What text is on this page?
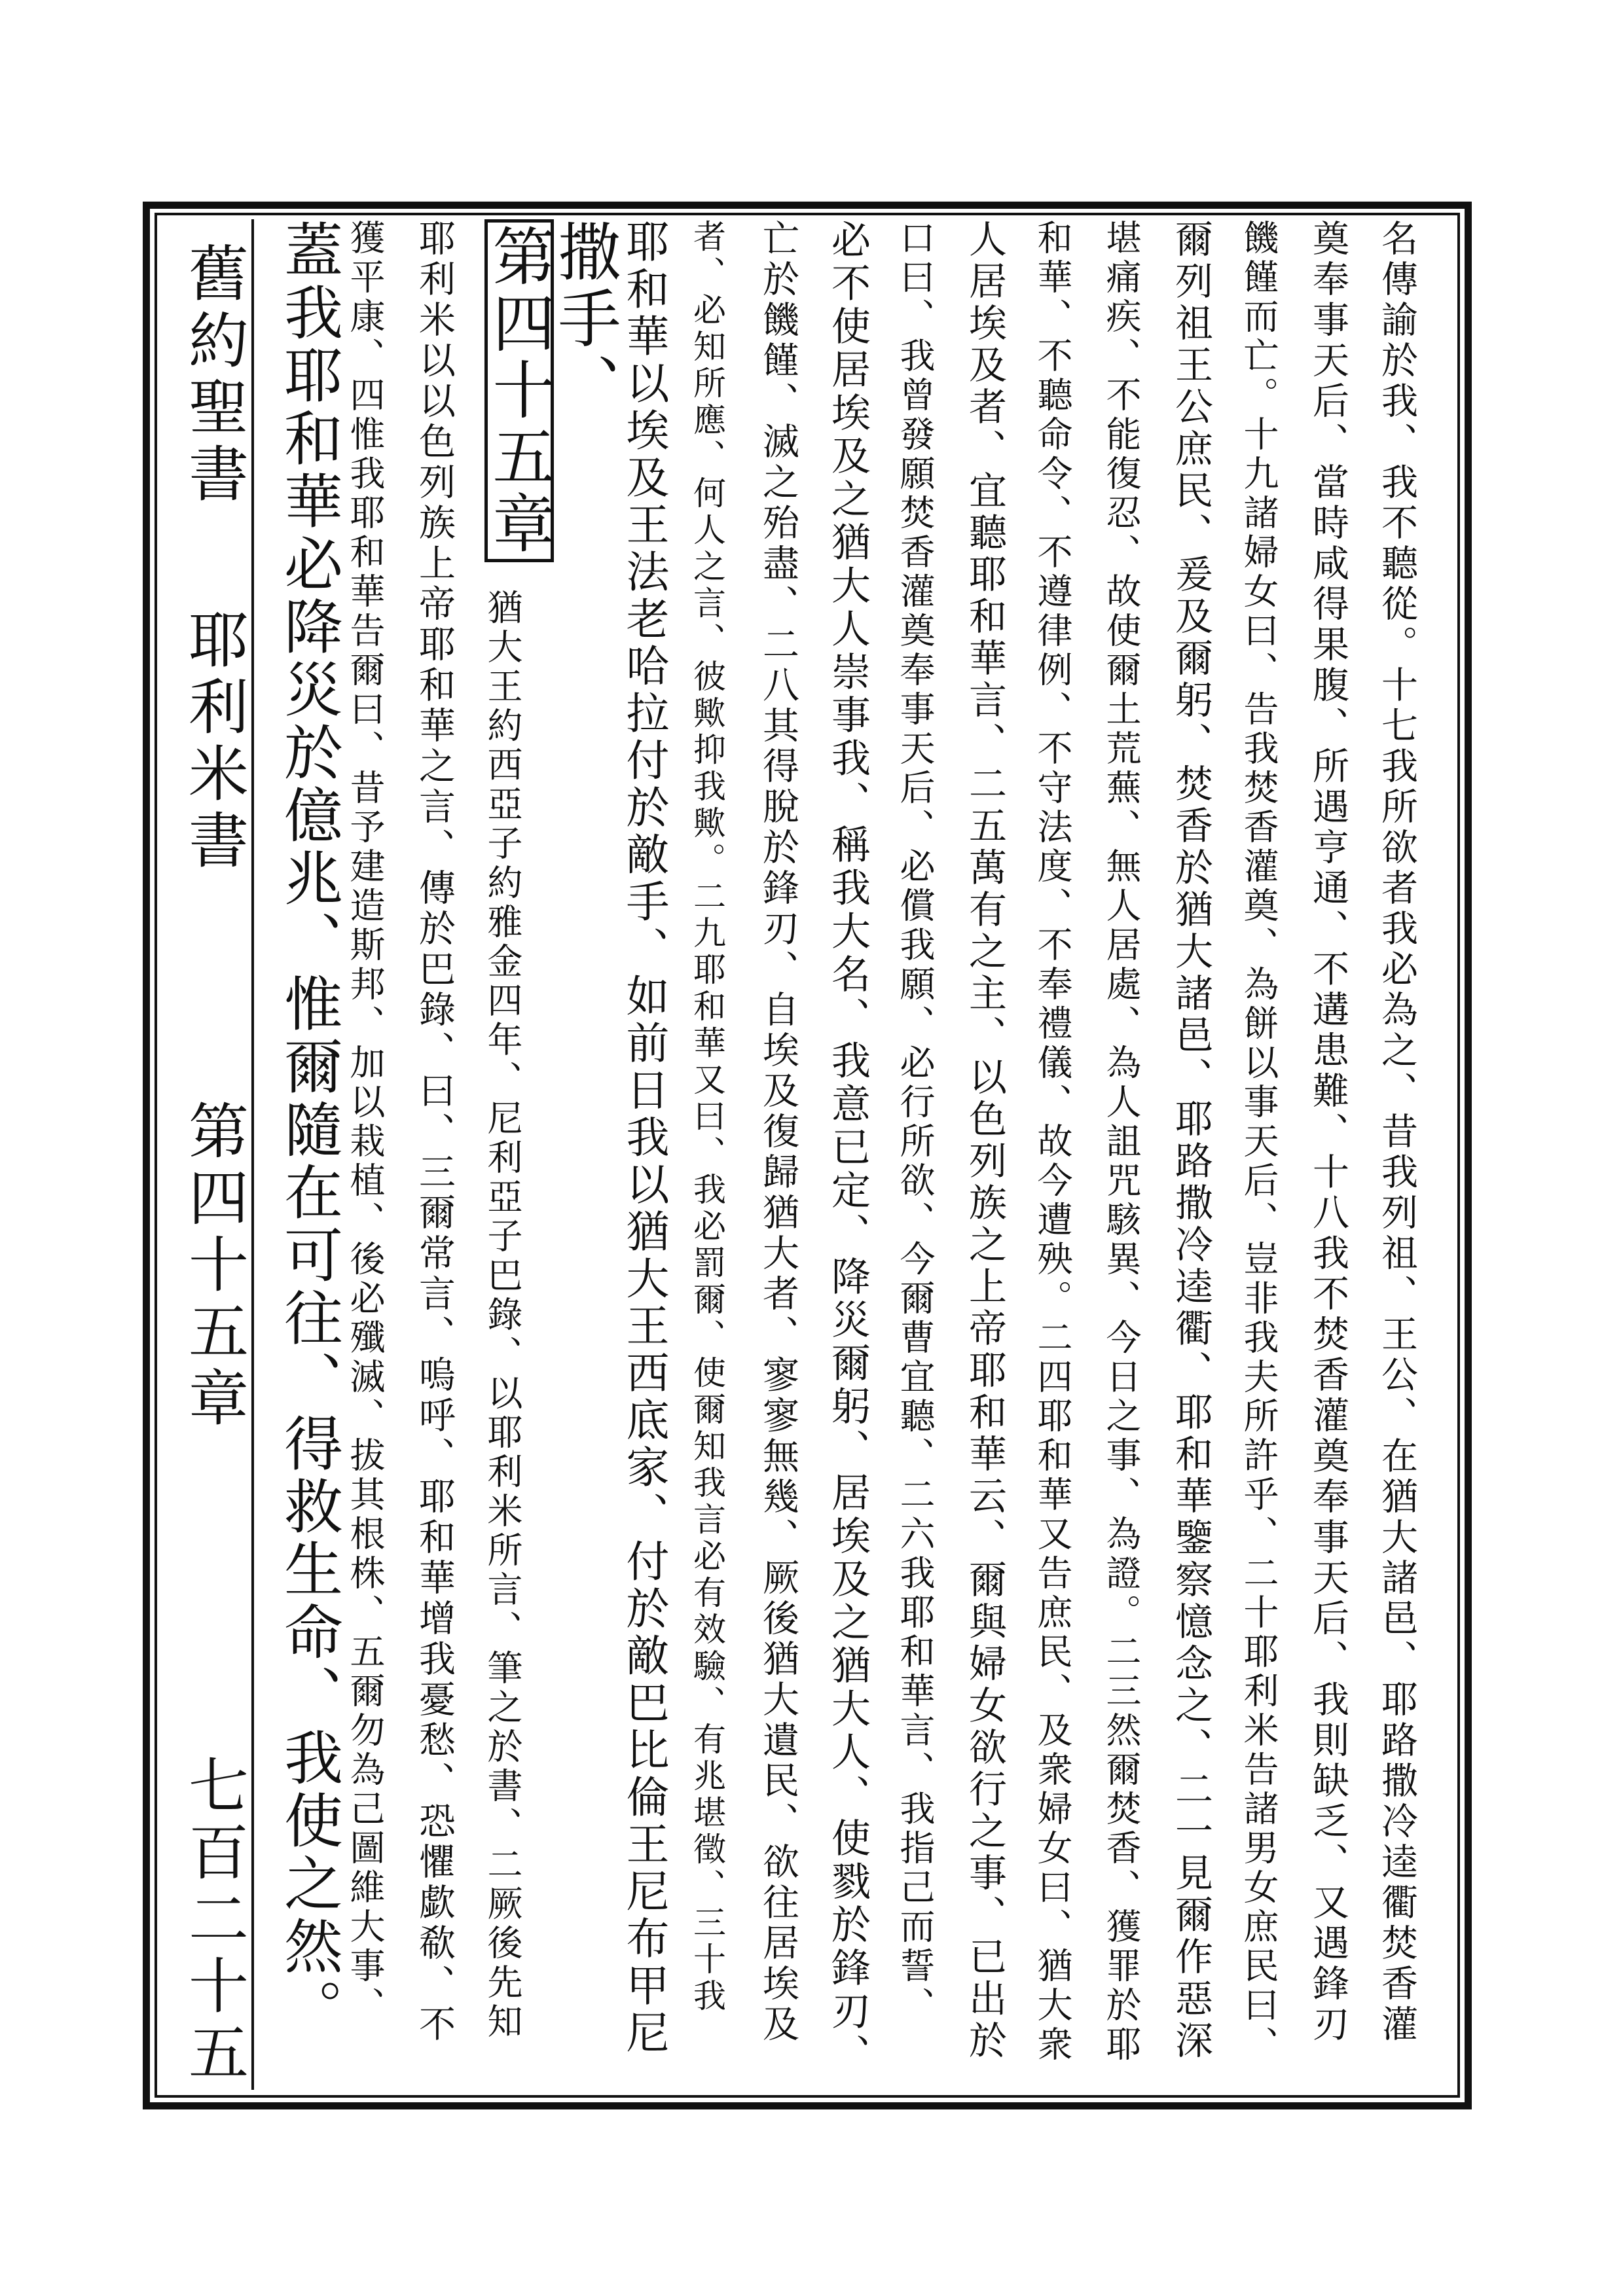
舊約聖書
耶利米書
第四十五章
七百二十五	名傳諭於我、我不聽從。十七我所欲者我必為之、昔我列祖、王公、在猶大諸邑、耶路撒冷逵衢焚香灌
奠奉事天后、當時咸得果腹、所遇亨通、不遘患難、十八我不焚香灌奠奉事天后、我則缺乏、又遇鋒刃
饑饉而亡。十九諸婦女曰、告我焚香灌奠、為餅以事天后、豈非我夫所許乎、二十耶利米告諸男女庶民曰、
爾列祖王公庶民、爰及爾躬、焚香於猶大諸邑、耶路撒冷逵衢、耶和華鑒察憶念之、二一見爾作惡深
堪痛疾、不能復忍、故使爾土荒蕪、無人居處、為人詛咒駭異、今日之事、為證。二三然爾焚香、獲罪於耶
和華、不聽命令、不遵律例、不守法度、不奉禮儀、故今遭殃。二四耶和華又告庶民、及衆婦女曰、猶大衆
人居埃及者、宜聽耶和華言、二五萬有之主、以色列族之上帝耶和華云、爾與婦女欲行之事、已出於
口曰、我曾發願焚香灌奠奉事天后、必償我願、必行所欲、今爾曹宜聽、二六我耶和華言、我指己而誓、
必不使居埃及之猶大人崇事我、稱我大名、我意已定、降災爾躬、居埃及之猶大人、使戮於鋒刃、
亡於饑饉、滅之殆盡、二八其得脫於鋒刃、自埃及復歸猶大者、寥寥無幾、厥後猶大遺民、欲往居埃及
者、必知所應、何人之言、彼歟抑我歟。二九耶和華又曰、我必罰爾、使爾知我言必有效驗、有兆堪徵、三十我
耶和華以埃及王法老哈拉付於敵手、如前日我以猶大王西底家、付於敵巴比倫王尼布甲尼
撒手、
第四十五章
猶大王約西亞子約雅金四年、尼利亞子巴錄、以耶利米所言、筆之於書、二厥後先知
耶利米以以色列族上帝耶和華之言、傳於巴錄、曰、三爾常言、嗚呼、耶和華增我憂愁、恐懼歔欷、不
獲平康、四惟我耶和華告爾曰、昔予建造斯邦、加以栽植、後必殲滅、拔其根株、五爾勿為己圖維大事、
蓋我耶和華必降災於億兆、惟爾隨在可往、得救生命、我使之然。
